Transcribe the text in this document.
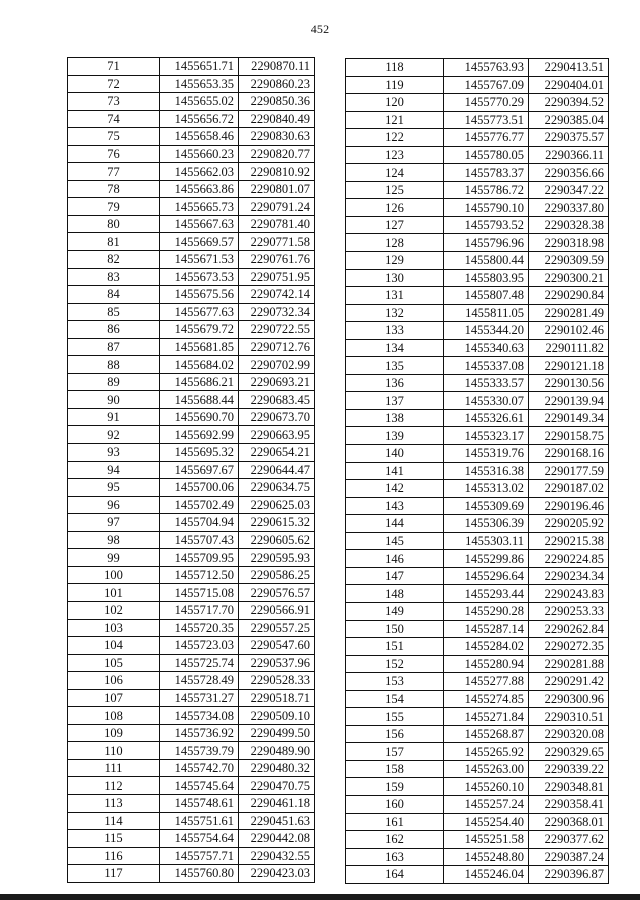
452
71	1455651.71	2290870.11
72	1455653.35	2290860.23
73	1455655.02	2290850.36
74	1455656.72	2290840.49
75	1455658.46	2290830.63
76	1455660.23	2290820.77
77	1455662.03	2290810.92
78	1455663.86	2290801.07
79	1455665.73	2290791.24
80	1455667.63	2290781.40
81	1455669.57	2290771.58
82	1455671.53	2290761.76
83	1455673.53	2290751.95
84	1455675.56	2290742.14
85	1455677.63	2290732.34
86	1455679.72	2290722.55
87	1455681.85	2290712.76
88	1455684.02	2290702.99
89	1455686.21	2290693.21
90	1455688.44	2290683.45
91	1455690.70	2290673.70
92	1455692.99	2290663.95
93	1455695.32	2290654.21
94	1455697.67	2290644.47
95	1455700.06	2290634.75
96	1455702.49	2290625.03
97	1455704.94	2290615.32
98	1455707.43	2290605.62
99	1455709.95	2290595.93
100	1455712.50	2290586.25
101	1455715.08	2290576.57
102	1455717.70	2290566.91
103	1455720.35	2290557.25
104	1455723.03	2290547.60
105	1455725.74	2290537.96
106	1455728.49	2290528.33
107	1455731.27	2290518.71
108	1455734.08	2290509.10
109	1455736.92	2290499.50
110	1455739.79	2290489.90
111	1455742.70	2290480.32
112	1455745.64	2290470.75
113	1455748.61	2290461.18
114	1455751.61	2290451.63
115	1455754.64	2290442.08
116	1455757.71	2290432.55
117	1455760.80	2290423.03
118	1455763.93	2290413.51
119	1455767.09	2290404.01
120	1455770.29	2290394.52
121	1455773.51	2290385.04
122	1455776.77	2290375.57
123	1455780.05	2290366.11
124	1455783.37	2290356.66
125	1455786.72	2290347.22
126	1455790.10	2290337.80
127	1455793.52	2290328.38
128	1455796.96	2290318.98
129	1455800.44	2290309.59
130	1455803.95	2290300.21
131	1455807.48	2290290.84
132	1455811.05	2290281.49
133	1455344.20	2290102.46
134	1455340.63	2290111.82
135	1455337.08	2290121.18
136	1455333.57	2290130.56
137	1455330.07	2290139.94
138	1455326.61	2290149.34
139	1455323.17	2290158.75
140	1455319.76	2290168.16
141	1455316.38	2290177.59
142	1455313.02	2290187.02
143	1455309.69	2290196.46
144	1455306.39	2290205.92
145	1455303.11	2290215.38
146	1455299.86	2290224.85
147	1455296.64	2290234.34
148	1455293.44	2290243.83
149	1455290.28	2290253.33
150	1455287.14	2290262.84
151	1455284.02	2290272.35
152	1455280.94	2290281.88
153	1455277.88	2290291.42
154	1455274.85	2290300.96
155	1455271.84	2290310.51
156	1455268.87	2290320.08
157	1455265.92	2290329.65
158	1455263.00	2290339.22
159	1455260.10	2290348.81
160	1455257.24	2290358.41
161	1455254.40	2290368.01
162	1455251.58	2290377.62
163	1455248.80	2290387.24
164	1455246.04	2290396.87
